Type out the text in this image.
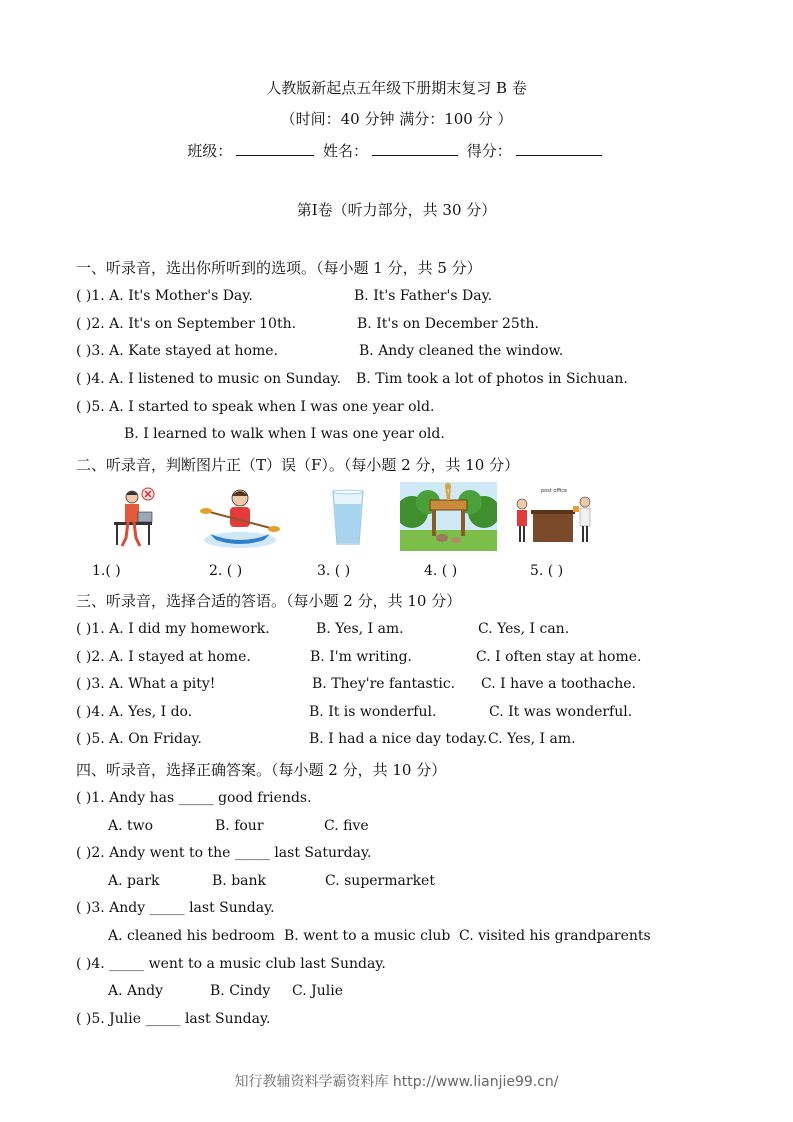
人教版新起点五年级下册期末复习 B 卷
（时间：40 分钟 满分：100 分 ）
班级：	姓名：	得分：
第I卷（听力部分，共 30 分）
一、听录音，选出你所听到的选项。（每小题 1 分，共 5 分）
( )1. A. It's Mother's Day.	B. It's Father's Day.
( )2. A. It's on September 10th.	B. It's on December 25th.
( )3. A. Kate stayed at home.	B. Andy cleaned the window.
( )4. A. I listened to music on Sunday. B. Tim took a lot of photos in Sichuan.
( )5. A. I started to speak when I was one year old.
B. I learned to walk when I was one year old.
二、听录音，判断图片正（T）误（F）。（每小题 2 分，共 10 分）
post office
1.( )	2. ( )	3. ( )	4. ( )	5. ( )
三、听录音，选择合适的答语。（每小题 2 分，共 10 分）
( )1. A. I did my homework.	B. Yes, I am.	C. Yes, I can.
( )2. A. I stayed at home.	B. I'm writing.	C. I often stay at home.
( )3. A. What a pity!	B. They're fantastic. C. I have a toothache.
( )4. A. Yes, I do.	B. It is wonderful.	C. It was wonderful.
( )5. A. On Friday.	B. I had a nice day today. C. Yes, I am.
四、听录音，选择正确答案。（每小题 2 分，共 10 分）
( )1. Andy has _____ good friends.
A. two	B. four	C. five
( )2. Andy went to the _____ last Saturday.
A. park	B. bank	C. supermarket
( )3. Andy _____ last Sunday.
A. cleaned his bedroom B. went to a music club C. visited his grandparents
( )4. _____ went to a music club last Sunday.
A. Andy	B. Cindy C. Julie
( )5. Julie _____ last Sunday.
知行教辅资料学霸资料库 http://www.lianjie99.cn/
